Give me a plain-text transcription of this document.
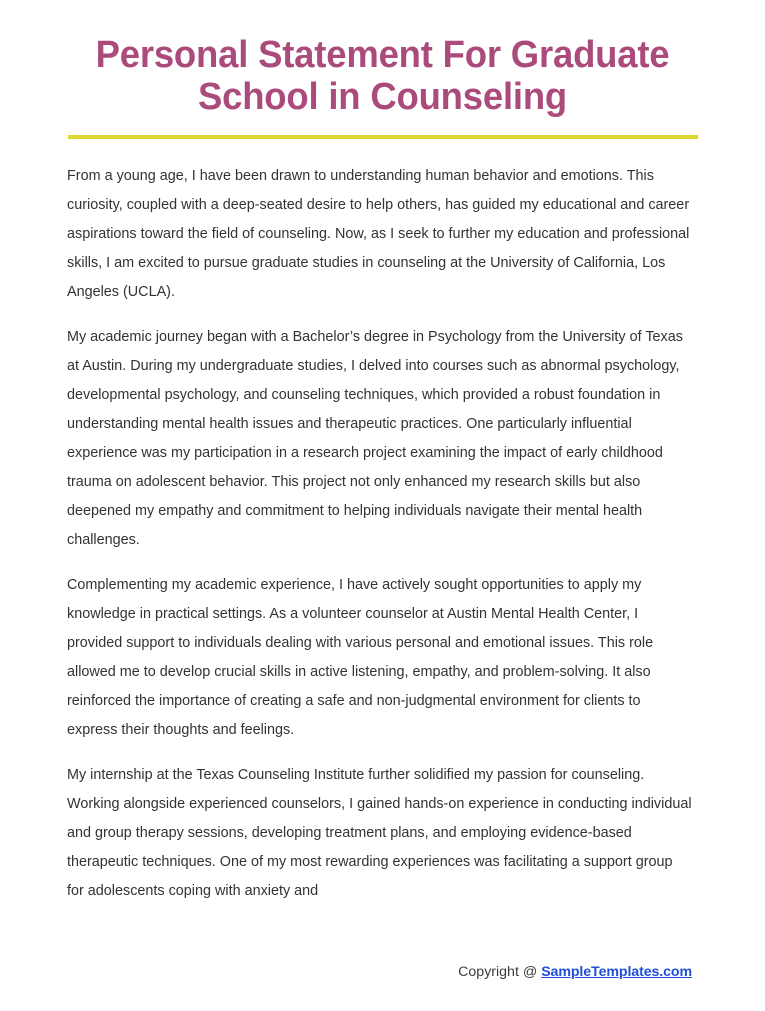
Personal Statement For Graduate
School in Counseling

From a young age, I have been drawn to understanding human behavior and emotions. This curiosity, coupled with a deep-seated desire to help others, has guided my educational and career aspirations toward the field of counseling. Now, as I seek to further my education and professional skills, I am excited to pursue graduate studies in counseling at the University of California, Los Angeles (UCLA).

My academic journey began with a Bachelor’s degree in Psychology from the University of Texas at Austin. During my undergraduate studies, I delved into courses such as abnormal psychology, developmental psychology, and counseling techniques, which provided a robust foundation in understanding mental health issues and therapeutic practices. One particularly influential experience was my participation in a research project examining the impact of early childhood trauma on adolescent behavior. This project not only enhanced my research skills but also deepened my empathy and commitment to helping individuals navigate their mental health challenges.

Complementing my academic experience, I have actively sought opportunities to apply my knowledge in practical settings. As a volunteer counselor at Austin Mental Health Center, I provided support to individuals dealing with various personal and emotional issues. This role allowed me to develop crucial skills in active listening, empathy, and problem-solving. It also reinforced the importance of creating a safe and non-judgmental environment for clients to express their thoughts and feelings.

My internship at the Texas Counseling Institute further solidified my passion for counseling. Working alongside experienced counselors, I gained hands-on experience in conducting individual and group therapy sessions, developing treatment plans, and employing evidence-based therapeutic techniques. One of my most rewarding experiences was facilitating a support group for adolescents coping with anxiety and

Copyright @ SampleTemplates.com
